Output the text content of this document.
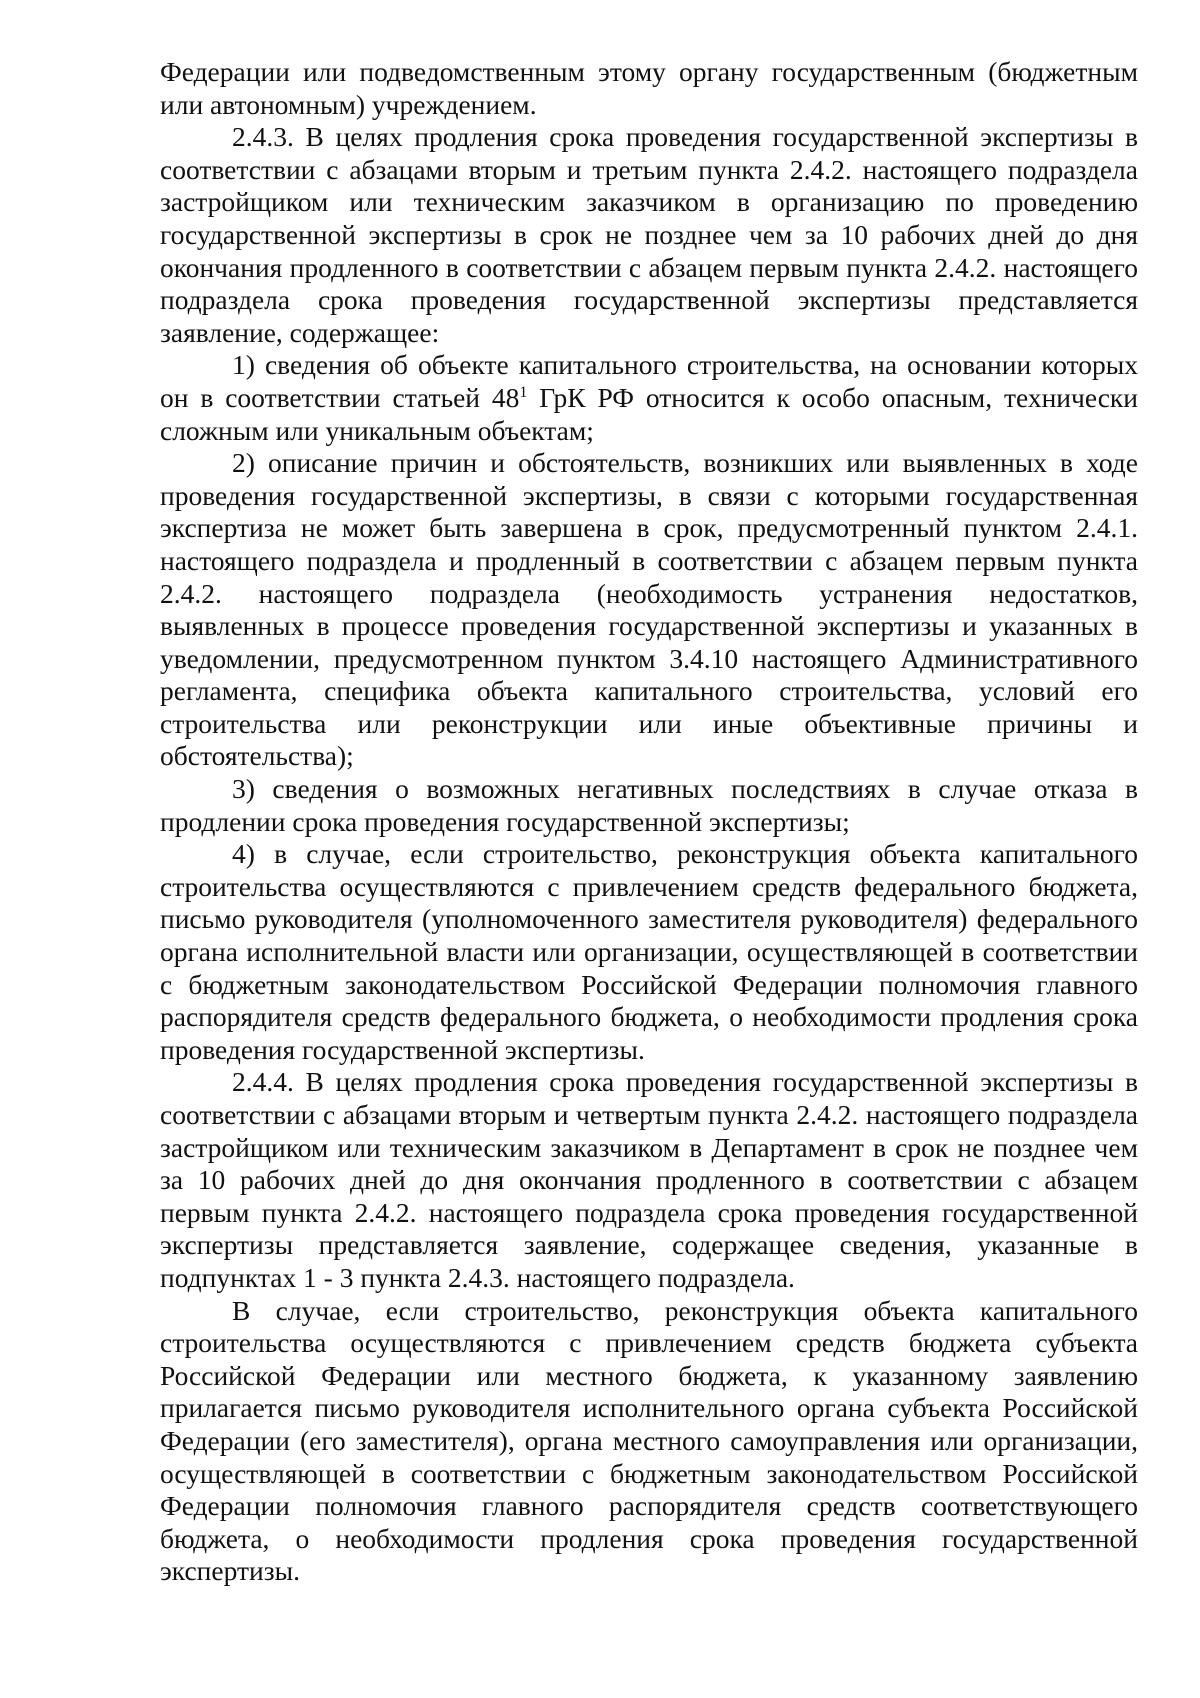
Федерации или подведомственным этому органу государственным (бюджетным или автономным) учреждением.

2.4.3. В целях продления срока проведения государственной экспертизы в соответствии с абзацами вторым и третьим пункта 2.4.2. настоящего подраздела застройщиком или техническим заказчиком в организацию по проведению государственной экспертизы в срок не позднее чем за 10 рабочих дней до дня окончания продленного в соответствии с абзацем первым пункта 2.4.2. настоящего подраздела срока проведения государственной экспертизы представляется заявление, содержащее:

1) сведения об объекте капитального строительства, на основании которых он в соответствии статьей $48^1$ ГрК РФ относится к особо опасным, технически сложным или уникальным объектам;

2) описание причин и обстоятельств, возникших или выявленных в ходе проведения государственной экспертизы, в связи с которыми государственная экспертиза не может быть завершена в срок, предусмотренный пунктом 2.4.1. настоящего подраздела и продленный в соответствии с абзацем первым пункта 2.4.2. настоящего подраздела (необходимость устранения недостатков, выявленных в процессе проведения государственной экспертизы и указанных в уведомлении, предусмотренном пунктом 3.4.10 настоящего Административного регламента, специфика объекта капитального строительства, условий его строительства или реконструкции или иные объективные причины и обстоятельства);

3) сведения о возможных негативных последствиях в случае отказа в продлении срока проведения государственной экспертизы;

4) в случае, если строительство, реконструкция объекта капитального строительства осуществляются с привлечением средств федерального бюджета, письмо руководителя (уполномоченного заместителя руководителя) федерального органа исполнительной власти или организации, осуществляющей в соответствии с бюджетным законодательством Российской Федерации полномочия главного распорядителя средств федерального бюджета, о необходимости продления срока проведения государственной экспертизы.

2.4.4. В целях продления срока проведения государственной экспертизы в соответствии с абзацами вторым и четвертым пункта 2.4.2. настоящего подраздела застройщиком или техническим заказчиком в Департамент в срок не позднее чем за 10 рабочих дней до дня окончания продленного в соответствии с абзацем первым пункта 2.4.2. настоящего подраздела срока проведения государственной экспертизы представляется заявление, содержащее сведения, указанные в подпунктах 1 - 3 пункта 2.4.3. настоящего подраздела.

В случае, если строительство, реконструкция объекта капитального строительства осуществляются с привлечением средств бюджета субъекта Российской Федерации или местного бюджета, к указанному заявлению прилагается письмо руководителя исполнительного органа субъекта Российской Федерации (его заместителя), органа местного самоуправления или организации, осуществляющей в соответствии с бюджетным законодательством Российской Федерации полномочия главного распорядителя средств соответствующего бюджета, о необходимости продления срока проведения государственной экспертизы.
